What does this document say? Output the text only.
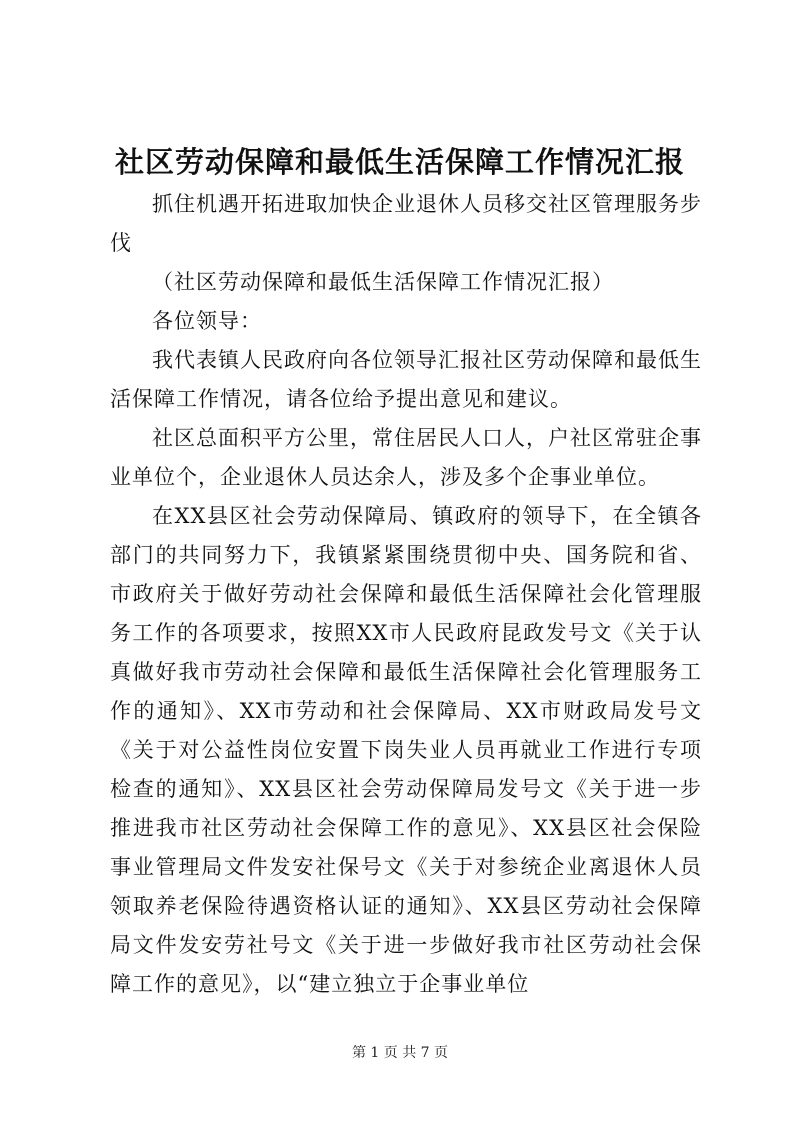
社区劳动保障和最低生活保障工作情况汇报

抓住机遇开拓进取加快企业退休人员移交社区管理服务步伐

（社区劳动保障和最低生活保障工作情况汇报）

各位领导：

我代表镇人民政府向各位领导汇报社区劳动保障和最低生活保障工作情况，请各位给予提出意见和建议。

社区总面积平方公里，常住居民人口人，户社区常驻企事业单位个，企业退休人员达余人，涉及多个企事业单位。

在XX县区社会劳动保障局、镇政府的领导下，在全镇各部门的共同努力下，我镇紧紧围绕贯彻中央、国务院和省、市政府关于做好劳动社会保障和最低生活保障社会化管理服务工作的各项要求，按照XX市人民政府昆政发号文《关于认真做好我市劳动社会保障和最低生活保障社会化管理服务工作的通知》、XX市劳动和社会保障局、XX市财政局发号文《关于对公益性岗位安置下岗失业人员再就业工作进行专项检查的通知》、XX县区社会劳动保障局发号文《关于进一步推进我市社区劳动社会保障工作的意见》、XX县区社会保险事业管理局文件发安社保号文《关于对参统企业离退休人员领取养老保险待遇资格认证的通知》、XX县区劳动社会保障局文件发安劳社号文《关于进一步做好我市社区劳动社会保障工作的意见》，以“建立独立于企事业单位

第 1 页 共 7 页
